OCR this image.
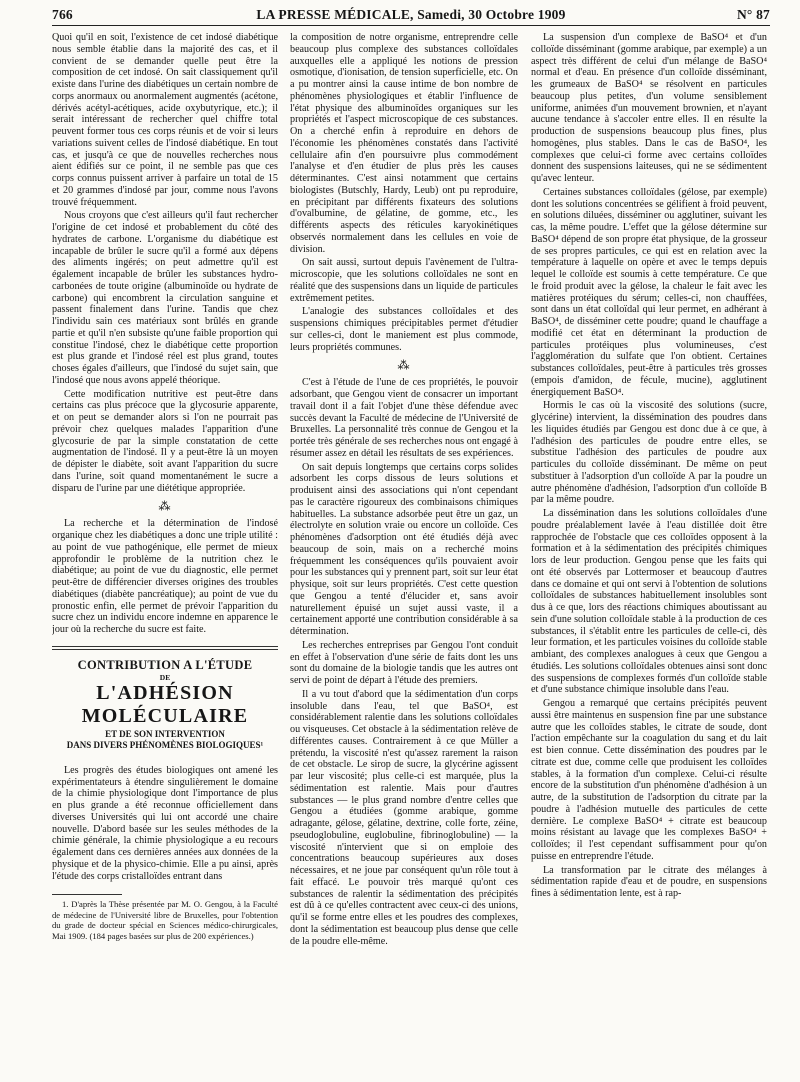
766	LA PRESSE MÉDICALE, Samedi, 30 Octobre 1909	N° 87

Quoi qu'il en soit, l'existence de cet indosé diabétique nous semble établie dans la majorité des cas, et il convient de se demander quelle peut être la composition de cet indosé. On sait classiquement qu'il existe dans l'urine des diabétiques un certain nombre de corps anormaux ou anormalement augmentés (acétone, dérivés acétyl-acétiques, acide oxybutyrique, etc.); il serait intéressant de rechercher quel chiffre total peuvent former tous ces corps réunis et de voir si leurs variations suivent celles de l'indosé diabétique. En tout cas, et jusqu'à ce que de nouvelles recherches nous aient édifiés sur ce point, il ne semble pas que ces corps connus puissent arriver à parfaire un total de 15 et 20 grammes d'indosé par jour, comme nous l'avons trouvé fréquemment.

Nous croyons que c'est ailleurs qu'il faut rechercher l'origine de cet indosé et probablement du côté des hydrates de carbone. L'organisme du diabétique est incapable de brûler le sucre qu'il a formé aux dépens des aliments ingérés; on peut admettre qu'il est également incapable de brûler les substances hydro-carbonées de toute origine (albuminoïde ou hydrate de carbone) qui encombrent la circulation sanguine et passent finalement dans l'urine. Tandis que chez l'individu sain ces matériaux sont brûlés en grande partie et qu'il n'en subsiste qu'une faible proportion qui constitue l'indosé, chez le diabétique cette proportion est plus grande et l'indosé réel est plus grand, toutes choses égales d'ailleurs, que l'indosé du sujet sain, que l'indosé que nous avons appelé théorique.

Cette modification nutritive est peut-être dans certains cas plus précoce que la glycosurie apparente, et on peut se demander alors si l'on ne pourrait pas prévoir chez quelques malades l'apparition d'une glycosurie de par la simple constatation de cette augmentation de l'indosé. Il y a peut-être là un moyen de dépister le diabète, soit avant l'apparition du sucre dans l'urine, soit quand momentanément le sucre a disparu de l'urine par une diététique appropriée.

⁂

La recherche et la détermination de l'indosé organique chez les diabétiques a donc une triple utilité : au point de vue pathogénique, elle permet de mieux approfondir le problème de la nutrition chez le diabétique; au point de vue du diagnostic, elle permet peut-être de différencier diverses origines des troubles diabétiques (diabète pancréatique); au point de vue du pronostic enfin, elle permet de prévoir l'apparition du sucre chez un individu encore indemne en apparence le jour où la recherche du sucre est faite.

CONTRIBUTION A L'ÉTUDE
DE
L'ADHÉSION MOLÉCULAIRE
ET DE SON INTERVENTION
DANS DIVERS PHÉNOMÈNES BIOLOGIQUES¹

Les progrès des études biologiques ont amené les expérimentateurs à étendre singulièrement le domaine de la chimie physiologique dont l'importance de plus en plus grande a été reconnue officiellement dans diverses Universités qui lui ont accordé une chaire nouvelle. D'abord basée sur les seules méthodes de la chimie générale, la chimie physiologique a eu recours également dans ces dernières années aux données de la physique et de la physico-chimie. Elle a pu ainsi, après l'étude des corps cristalloïdes entrant dans

1. D'après la Thèse présentée par M. O. Gengou, à la Faculté de médecine de l'Université libre de Bruxelles, pour l'obtention du grade de docteur spécial en Sciences médico-chirurgicales, Mai 1909. (184 pages basées sur plus de 200 expériences.)

la composition de notre organisme, entreprendre celle beaucoup plus complexe des substances colloïdales auxquelles elle a appliqué les notions de pression osmotique, d'ionisation, de tension superficielle, etc. On a pu montrer ainsi la cause intime de bon nombre de phénomènes physiologiques et établir l'influence de l'état physique des albuminoïdes organiques sur les propriétés et l'aspect microscopique de ces substances. On a cherché enfin à reproduire en dehors de l'économie les phénomènes constatés dans l'activité cellulaire afin d'en poursuivre plus commodément l'analyse et d'en étudier de plus près les causes déterminantes. C'est ainsi notamment que certains biologistes (Butschly, Hardy, Leub) ont pu reproduire, en précipitant par différents fixateurs des solutions d'ovalbumine, de gélatine, de gomme, etc., les différents aspects des réticules karyokinétiques observés normalement dans les cellules en voie de division.

On sait aussi, surtout depuis l'avènement de l'ultra-microscopie, que les solutions colloïdales ne sont en réalité que des suspensions dans un liquide de particules extrêmement petites.

L'analogie des substances colloïdales et des suspensions chimiques précipitables permet d'étudier sur celles-ci, dont le maniement est plus commode, leurs propriétés communes.

⁂

C'est à l'étude de l'une de ces propriétés, le pouvoir adsorbant, que Gengou vient de consacrer un important travail dont il a fait l'objet d'une thèse défendue avec succès devant la Faculté de médecine de l'Université de Bruxelles. La personnalité très connue de Gengou et la portée très générale de ses recherches nous ont engagé à résumer assez en détail les résultats de ses expériences.

On sait depuis longtemps que certains corps solides adsorbent les corps dissous de leurs solutions et produisent ainsi des associations qui n'ont cependant pas le caractère rigoureux des combinaisons chimiques habituelles. La substance adsorbée peut être un gaz, un électrolyte en solution vraie ou encore un colloïde. Ces phénomènes d'adsorption ont été étudiés déjà avec beaucoup de soin, mais on a recherché moins fréquemment les conséquences qu'ils pouvaient avoir pour les substances qui y prennent part, soit sur leur état physique, soit sur leurs propriétés. C'est cette question que Gengou a tenté d'élucider et, sans avoir naturellement épuisé un sujet aussi vaste, il a certainement apporté une contribution considérable à sa détermination.

Les recherches entreprises par Gengou l'ont conduit en effet à l'observation d'une série de faits dont les uns sont du domaine de la biologie tandis que les autres ont servi de point de départ à l'étude des premiers.

Il a vu tout d'abord que la sédimentation d'un corps insoluble dans l'eau, tel que BaSO⁴, est considérablement ralentie dans les solutions colloïdales ou visqueuses. Cet obstacle à la sédimentation relève de différentes causes. Contrairement à ce que Müller a prétendu, la viscosité n'est qu'assez rarement la raison de cet obstacle. Le sirop de sucre, la glycérine agissent par leur viscosité; plus celle-ci est marquée, plus la sédimentation est ralentie. Mais pour d'autres substances — le plus grand nombre d'entre celles que Gengou a étudiées (gomme arabique, gomme adragante, gélose, gélatine, dextrine, colle forte, zéine, pseudoglobuline, euglobuline, fibrinoglobuline) — la viscosité n'intervient que si on emploie des concentrations beaucoup supérieures aux doses nécessaires, et ne joue par conséquent qu'un rôle tout à fait effacé. Le pouvoir très marqué qu'ont ces substances de ralentir la sédimentation des précipités est dû à ce qu'elles contractent avec ceux-ci des unions, qu'il se forme entre elles et les poudres des complexes, dont la sédimentation est beaucoup plus dense que celle de la poudre elle-même.

La suspension d'un complexe de BaSO⁴ et d'un colloïde disséminant (gomme arabique, par exemple) a un aspect très différent de celui d'un mélange de BaSO⁴ normal et d'eau. En présence d'un colloïde disséminant, les grumeaux de BaSO⁴ se résolvent en particules beaucoup plus petites, d'un volume sensiblement uniforme, animées d'un mouvement brownien, et n'ayant aucune tendance à s'accoler entre elles. Il en résulte la production de suspensions beaucoup plus fines, plus homogènes, plus stables. Dans le cas de BaSO⁴, les complexes que celui-ci forme avec certains colloïdes donnent des suspensions laiteuses, qui ne se sédimentent qu'avec lenteur.

Certaines substances colloïdales (gélose, par exemple) dont les solutions concentrées se gélifient à froid peuvent, en solutions diluées, disséminer ou agglutiner, suivant les cas, la même poudre. L'effet que la gélose détermine sur BaSO⁴ dépend de son propre état physique, de la grosseur de ses propres particules, ce qui est en relation avec la température à laquelle on opère et avec le temps depuis lequel le colloïde est soumis à cette température. Ce que le froid produit avec la gélose, la chaleur le fait avec les matières protéiques du sérum; celles-ci, non chauffées, sont dans un état colloïdal qui leur permet, en adhérant à BaSO⁴, de disséminer cette poudre; quand le chauffage a modifié cet état en déterminant la production de particules protéiques plus volumineuses, c'est l'agglomération du sulfate que l'on obtient. Certaines substances colloïdales, peut-être à particules très grosses (empois d'amidon, de fécule, mucine), agglutinent énergiquement BaSO⁴.

Hormis le cas où la viscosité des solutions (sucre, glycérine) intervient, la dissémination des poudres dans les liquides étudiés par Gengou est donc due à ce que, à l'adhésion des particules de poudre entre elles, se substitue l'adhésion des particules de poudre aux particules du colloïde disséminant. De même on peut substituer à l'adsorption d'un colloïde A par la poudre un autre phénomène d'adhésion, l'adsorption d'un colloïde B par la même poudre.

La dissémination dans les solutions colloïdales d'une poudre préalablement lavée à l'eau distillée doit être rapprochée de l'obstacle que ces colloïdes opposent à la formation et à la sédimentation des précipités chimiques lors de leur production. Gengou pense que les faits qui ont été observés par Lottermoser et beaucoup d'autres dans ce domaine et qui ont servi à l'obtention de solutions colloïdales de substances habituellement insolubles sont dus à ce que, lors des réactions chimiques aboutissant au sein d'une solution colloïdale stable à la production de ces substances, il s'établit entre les particules de celle-ci, dès leur formation, et les particules voisines du colloïde stable ambiant, des complexes analogues à ceux que Gengou a étudiés. Les solutions colloïdales obtenues ainsi sont donc des suspensions de complexes formés d'un colloïde stable et d'une substance chimique insoluble dans l'eau.

Gengou a remarqué que certains précipités peuvent aussi être maintenus en suspension fine par une substance autre que les colloïdes stables, le citrate de soude, dont l'action empêchante sur la coagulation du sang et du lait est bien connue. Cette dissémination des poudres par le citrate est due, comme celle que produisent les colloïdes stables, à la formation d'un complexe. Celui-ci résulte encore de la substitution d'un phénomène d'adhésion à un autre, de la substitution de l'adsorption du citrate par la poudre à l'adhésion mutuelle des particules de cette dernière. Le complexe BaSO⁴ + citrate est beaucoup moins résistant au lavage que les complexes BaSO⁴ + colloïdes; il l'est cependant suffisamment pour qu'on puisse en entreprendre l'étude.

La transformation par le citrate des mélanges à sédimentation rapide d'eau et de poudre, en suspensions fines à sédimentation lente, est à rap-
